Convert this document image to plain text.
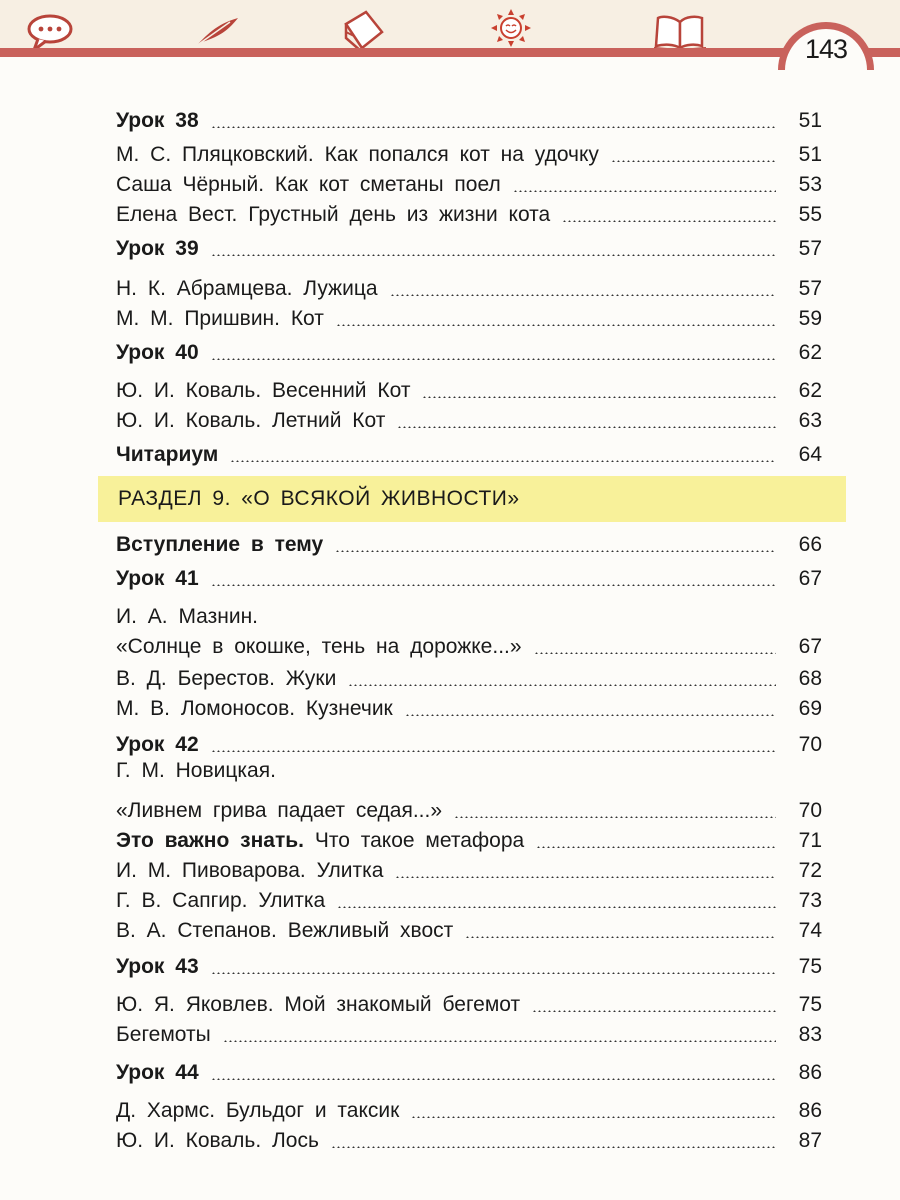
143
РАЗДЕЛ 9. «О ВСЯКОЙ ЖИВНОСТИ»
Урок 38	51
М. С. Пляцковский. Как попался кот на удочку	51
Саша Чёрный. Как кот сметаны поел	53
Елена Вест. Грустный день из жизни кота	55
Урок 39	57
Н. К. Абрамцева. Лужица	57
М. М. Пришвин. Кот	59
Урок 40	62
Ю. И. Коваль. Весенний Кот	62
Ю. И. Коваль. Летний Кот	63
Читариум	64
Вступление в тему	66
Урок 41	67
И. А. Мазнин.
«Солнце в окошке, тень на дорожке...»	67
В. Д. Берестов. Жуки	68
М. В. Ломоносов. Кузнечик	69
Урок 42	70
Г. М. Новицкая.
«Ливнем грива падает седая...»	70
Это важно знать. Что такое метафора	71
И. М. Пивоварова. Улитка	72
Г. В. Сапгир. Улитка	73
В. А. Степанов. Вежливый хвост	74
Урок 43	75
Ю. Я. Яковлев. Мой знакомый бегемот	75
Бегемоты	83
Урок 44	86
Д. Хармс. Бульдог и таксик	86
Ю. И. Коваль. Лось	87
